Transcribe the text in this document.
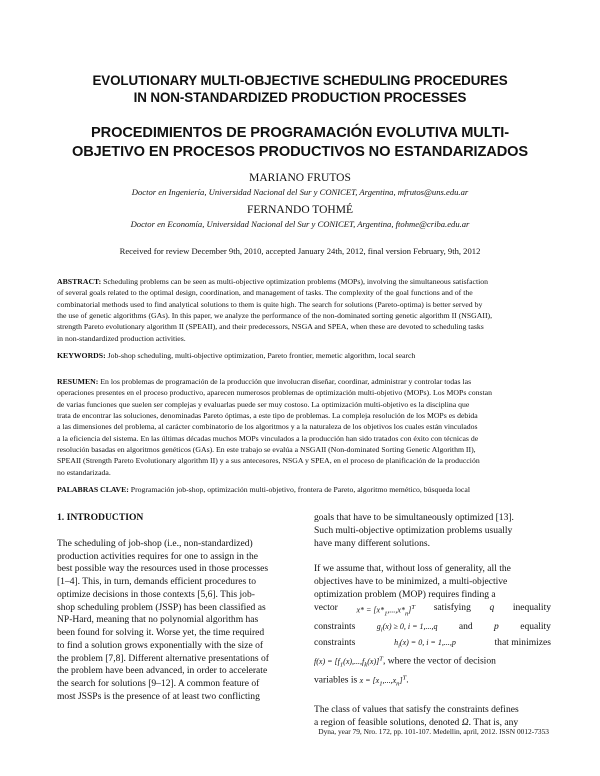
EVOLUTIONARY MULTI-OBJECTIVE SCHEDULING PROCEDURES
IN NON-STANDARDIZED PRODUCTION PROCESSES
PROCEDIMIENTOS DE PROGRAMACIÓN EVOLUTIVA MULTI-
OBJETIVO EN PROCESOS PRODUCTIVOS NO ESTANDARIZADOS
MARIANO FRUTOS
Doctor en Ingeniería, Universidad Nacional del Sur y CONICET, Argentina, mfrutos@uns.edu.ar
FERNANDO TOHMÉ
Doctor en Economía, Universidad Nacional del Sur y CONICET, Argentina, ftohme@criba.edu.ar
Received for review December 9th, 2010, accepted January 24th, 2012, final version February, 9th, 2012
ABSTRACT: Scheduling problems can be seen as multi-objective optimization problems (MOPs), involving the simultaneous satisfaction
of several goals related to the optimal design, coordination, and management of tasks. The complexity of the goal functions and of the
combinatorial methods used to find analytical solutions to them is quite high. The search for solutions (Pareto-optima) is better served by
the use of genetic algorithms (GAs). In this paper, we analyze the performance of the non-dominated sorting genetic algorithm II (NSGAII),
strength Pareto evolutionary algorithm II (SPEAII), and their predecessors, NSGA and SPEA, when these are devoted to scheduling tasks
in non-standardized production activities.
KEYWORDS: Job-shop scheduling, multi-objective optimization, Pareto frontier, memetic algorithm, local search
RESUMEN: En los problemas de programación de la producción que involucran diseñar, coordinar, administrar y controlar todas las
operaciones presentes en el proceso productivo, aparecen numerosos problemas de optimización multi-objetivo (MOPs). Los MOPs constan
de varias funciones que suelen ser complejas y evaluarlas puede ser muy costoso. La optimización multi-objetivo es la disciplina que
trata de encontrar las soluciones, denominadas Pareto óptimas, a este tipo de problemas. La compleja resolución de los MOPs es debida
a las dimensiones del problema, al carácter combinatorio de los algoritmos y a la naturaleza de los objetivos los cuales están vinculados
a la eficiencia del sistema. En las últimas décadas muchos MOPs vinculados a la producción han sido tratados con éxito con técnicas de
resolución basadas en algoritmos genéticos (GAs). En este trabajo se evalúa a NSGAII (Non-dominated Sorting Genetic Algorithm II),
SPEAII (Strength Pareto Evolutionary algorithm II) y a sus antecesores, NSGA y SPEA, en el proceso de planificación de la producción
no estandarizada.
PALABRAS CLAVE: Programación job-shop, optimización multi-objetivo, frontera de Pareto, algoritmo memético, búsqueda local

1. INTRODUCTION

The scheduling of job-shop (i.e., non-standardized)

production activities requires for one to assign in the

best possible way the resources used in those processes

[1–4]. This, in turn, demands efficient procedures to

optimize decisions in those contexts [5,6]. This job-

shop scheduling problem (JSSP) has been classified as

NP-Hard, meaning that no polynomial algorithm has

been found for solving it. Worse yet, the time required

to find a solution grows exponentially with the size of

the problem [7,8]. Different alternative presentations of

the problem have been advanced, in order to accelerate

the search for solutions [9–12]. A common feature of

most JSSPs is the presence of at least two conflicting

goals that have to be simultaneously optimized [13].

Such multi-objective optimization problems usually

have many different solutions.

If we assume that, without loss of generality, all the

objectives have to be minimized, a multi-objective

optimization problem (MOP) requires finding a

vector $x* = [x*_1,...,x*_n]^T$ satisfying q inequality

constraints	$g_i(x) \ge 0$, i = 1,...,q and p equality

constraints	$h_i(x) = 0$, i = 1,...,p	that minimizes

$f(x) = [f_1(x),...,f_k(x)]^T$, where the vector of decision

variables is $x = [x_1,...,x_n]^T$.

The class of values that satisfy the constraints defines

a region of feasible solutions, denoted Ω. That is, any

Dyna, year 79, Nro. 172, pp. 101-107. Medellin, april, 2012. ISSN 0012-7353
